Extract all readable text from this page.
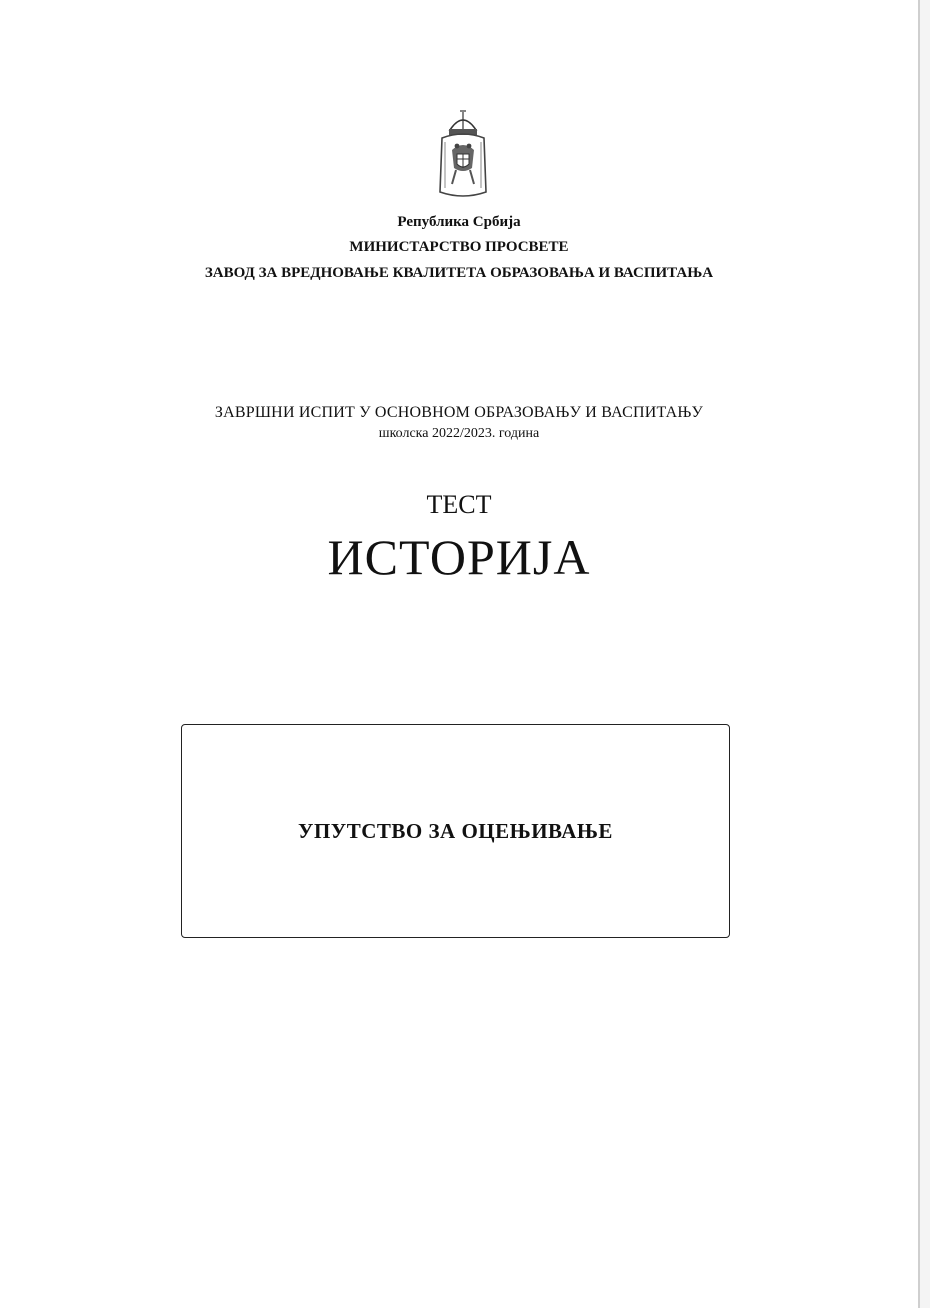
Република Србија
МИНИСТАРСТВО ПРОСВЕТЕ
ЗАВОД ЗА ВРЕДНОВАЊЕ КВАЛИТЕТА ОБРАЗОВАЊА И ВАСПИТАЊА
ЗАВРШНИ ИСПИТ У ОСНОВНОМ ОБРАЗОВАЊУ И ВАСПИТАЊУ
школска 2022/2023. година
ТЕСТ
ИСТОРИЈА
УПУТСТВО ЗА ОЦЕЊИВАЊЕ
